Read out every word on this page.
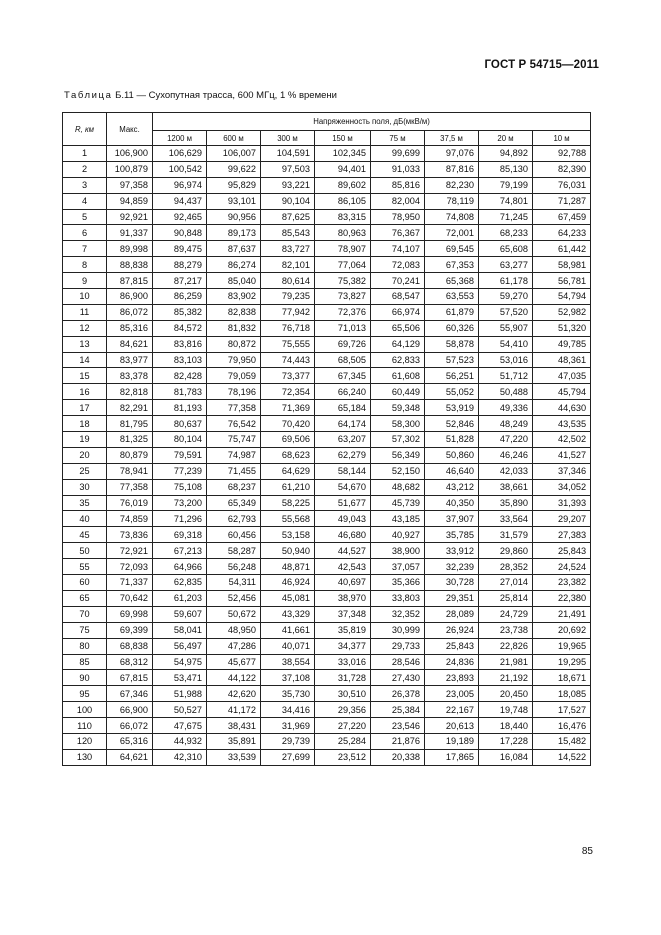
ГОСТ Р 54715—2011
Таблица Б.11 — Сухопутная трасса, 600 МГц, 1 % времени
R, км	Макс.	Напряженность поля, дБ(мкВ/м)							
		1200 м	600 м	300 м	150 м	75 м	37,5 м	20 м	10 м
1	106,900	106,629	106,007	104,591	102,345	99,699	97,076	94,892	92,788
2	100,879	100,542	99,622	97,503	94,401	91,033	87,816	85,130	82,390
3	97,358	96,974	95,829	93,221	89,602	85,816	82,230	79,199	76,031
4	94,859	94,437	93,101	90,104	86,105	82,004	78,119	74,801	71,287
5	92,921	92,465	90,956	87,625	83,315	78,950	74,808	71,245	67,459
6	91,337	90,848	89,173	85,543	80,963	76,367	72,001	68,233	64,233
7	89,998	89,475	87,637	83,727	78,907	74,107	69,545	65,608	61,442
8	88,838	88,279	86,274	82,101	77,064	72,083	67,353	63,277	58,981
9	87,815	87,217	85,040	80,614	75,382	70,241	65,368	61,178	56,781
10	86,900	86,259	83,902	79,235	73,827	68,547	63,553	59,270	54,794
11	86,072	85,382	82,838	77,942	72,376	66,974	61,879	57,520	52,982
12	85,316	84,572	81,832	76,718	71,013	65,506	60,326	55,907	51,320
13	84,621	83,816	80,872	75,555	69,726	64,129	58,878	54,410	49,785
14	83,977	83,103	79,950	74,443	68,505	62,833	57,523	53,016	48,361
15	83,378	82,428	79,059	73,377	67,345	61,608	56,251	51,712	47,035
16	82,818	81,783	78,196	72,354	66,240	60,449	55,052	50,488	45,794
17	82,291	81,193	77,358	71,369	65,184	59,348	53,919	49,336	44,630
18	81,795	80,637	76,542	70,420	64,174	58,300	52,846	48,249	43,535
19	81,325	80,104	75,747	69,506	63,207	57,302	51,828	47,220	42,502
20	80,879	79,591	74,987	68,623	62,279	56,349	50,860	46,246	41,527
25	78,941	77,239	71,455	64,629	58,144	52,150	46,640	42,033	37,346
30	77,358	75,108	68,237	61,210	54,670	48,682	43,212	38,661	34,052
35	76,019	73,200	65,349	58,225	51,677	45,739	40,350	35,890	31,393
40	74,859	71,296	62,793	55,568	49,043	43,185	37,907	33,564	29,207
45	73,836	69,318	60,456	53,158	46,680	40,927	35,785	31,579	27,383
50	72,921	67,213	58,287	50,940	44,527	38,900	33,912	29,860	25,843
55	72,093	64,966	56,248	48,871	42,543	37,057	32,239	28,352	24,524
60	71,337	62,835	54,311	46,924	40,697	35,366	30,728	27,014	23,382
65	70,642	61,203	52,456	45,081	38,970	33,803	29,351	25,814	22,380
70	69,998	59,607	50,672	43,329	37,348	32,352	28,089	24,729	21,491
75	69,399	58,041	48,950	41,661	35,819	30,999	26,924	23,738	20,692
80	68,838	56,497	47,286	40,071	34,377	29,733	25,843	22,826	19,965
85	68,312	54,975	45,677	38,554	33,016	28,546	24,836	21,981	19,295
90	67,815	53,471	44,122	37,108	31,728	27,430	23,893	21,192	18,671
95	67,346	51,988	42,620	35,730	30,510	26,378	23,005	20,450	18,085
100	66,900	50,527	41,172	34,416	29,356	25,384	22,167	19,748	17,527
110	66,072	47,675	38,431	31,969	27,220	23,546	20,613	18,440	16,476
120	65,316	44,932	35,891	29,739	25,284	21,876	19,189	17,228	15,482
130	64,621	42,310	33,539	27,699	23,512	20,338	17,865	16,084	14,522
85
